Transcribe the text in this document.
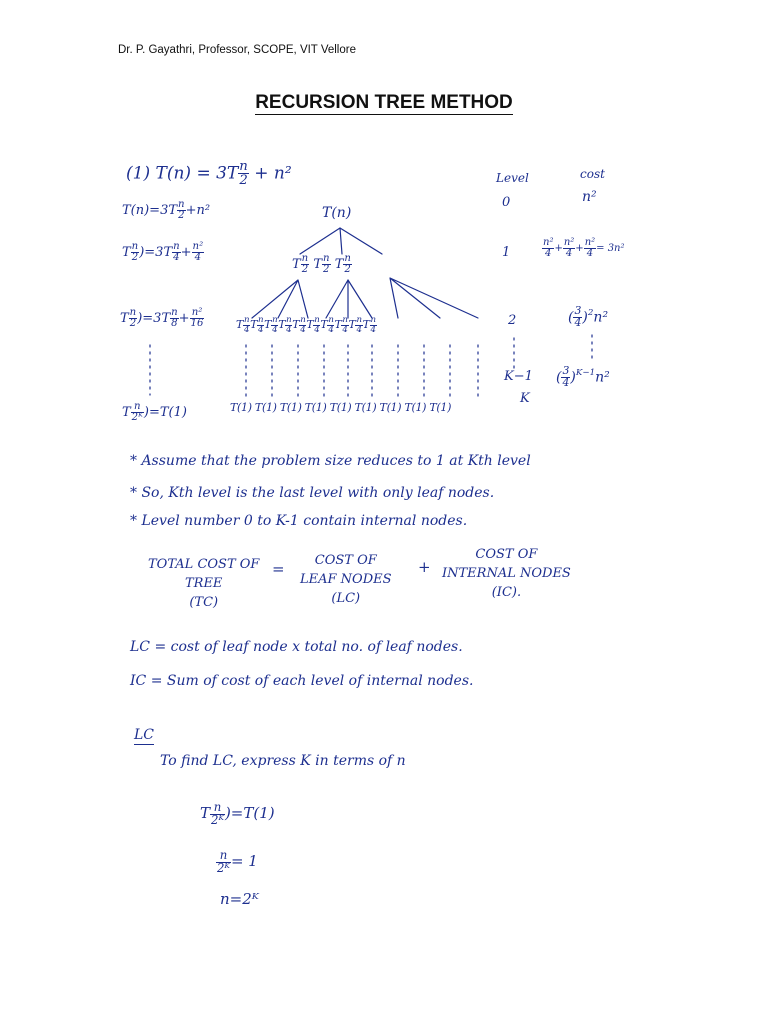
Dr. P. Gayathri, Professor, SCOPE, VIT Vellore
RECURSION TREE METHOD
(1) $T(n) = 3T \frac{n}{2} + n^2$
$T(n)=3T \frac{n}{2} +n^2$
T $\frac{n}{2} )=3T \frac{n}{4} + \frac{\text{n²}}{4}$
T $\frac{n}{2} )=3T \frac{n}{8} + \frac{\text{n²}}{16}$
T $\frac{n}{\text{2ᴷ}} )=T(1)$
T(n)
T $\frac{n}{2}$ T $\frac{n}{2}$ T $\frac{n}{2}$
T $\frac{n}{4}$ T $\frac{n}{4}$ T $\frac{n}{4}$ T $\frac{n}{4}$ T $\frac{n}{4}$ T $\frac{n}{4}$ T $\frac{n}{4}$ T $\frac{n}{4}$ T $\frac{n}{4}$ T $\frac{n}{4}$
T(1) T(1) T(1) T(1) T(1) T(1) T(1) T(1) T(1)
Level	cost
0	n²
1	$\frac{\text{n²}}{4} + \frac{\text{n²}}{4} + \frac{\text{n²}}{4} = 3n^2$
2	( $\frac{3}{4} )^2n^2$
K−1 ( $\frac{3}{4} )^{K-1}n^2$
K
* Assume that the problem size reduces to 1 at Kth level
* So, Kth level is the last level with only leaf nodes.
* Level number 0 to K-1 contain internal nodes.
TOTAL COST OF
TREE
(TC)
=	COST OF
LEAF NODES
(LC)
+
COST OF
INTERNAL NODES
(IC).
LC = cost of leaf node x total no. of leaf nodes.
IC = Sum of cost of each level of internal nodes.
LC
To find LC, express K in terms of n
T $\frac{n}{\text{2ᴷ}} )=T(1)$
$\frac{n}{\text{2ᴷ}} = 1$
n=2ᴷ
